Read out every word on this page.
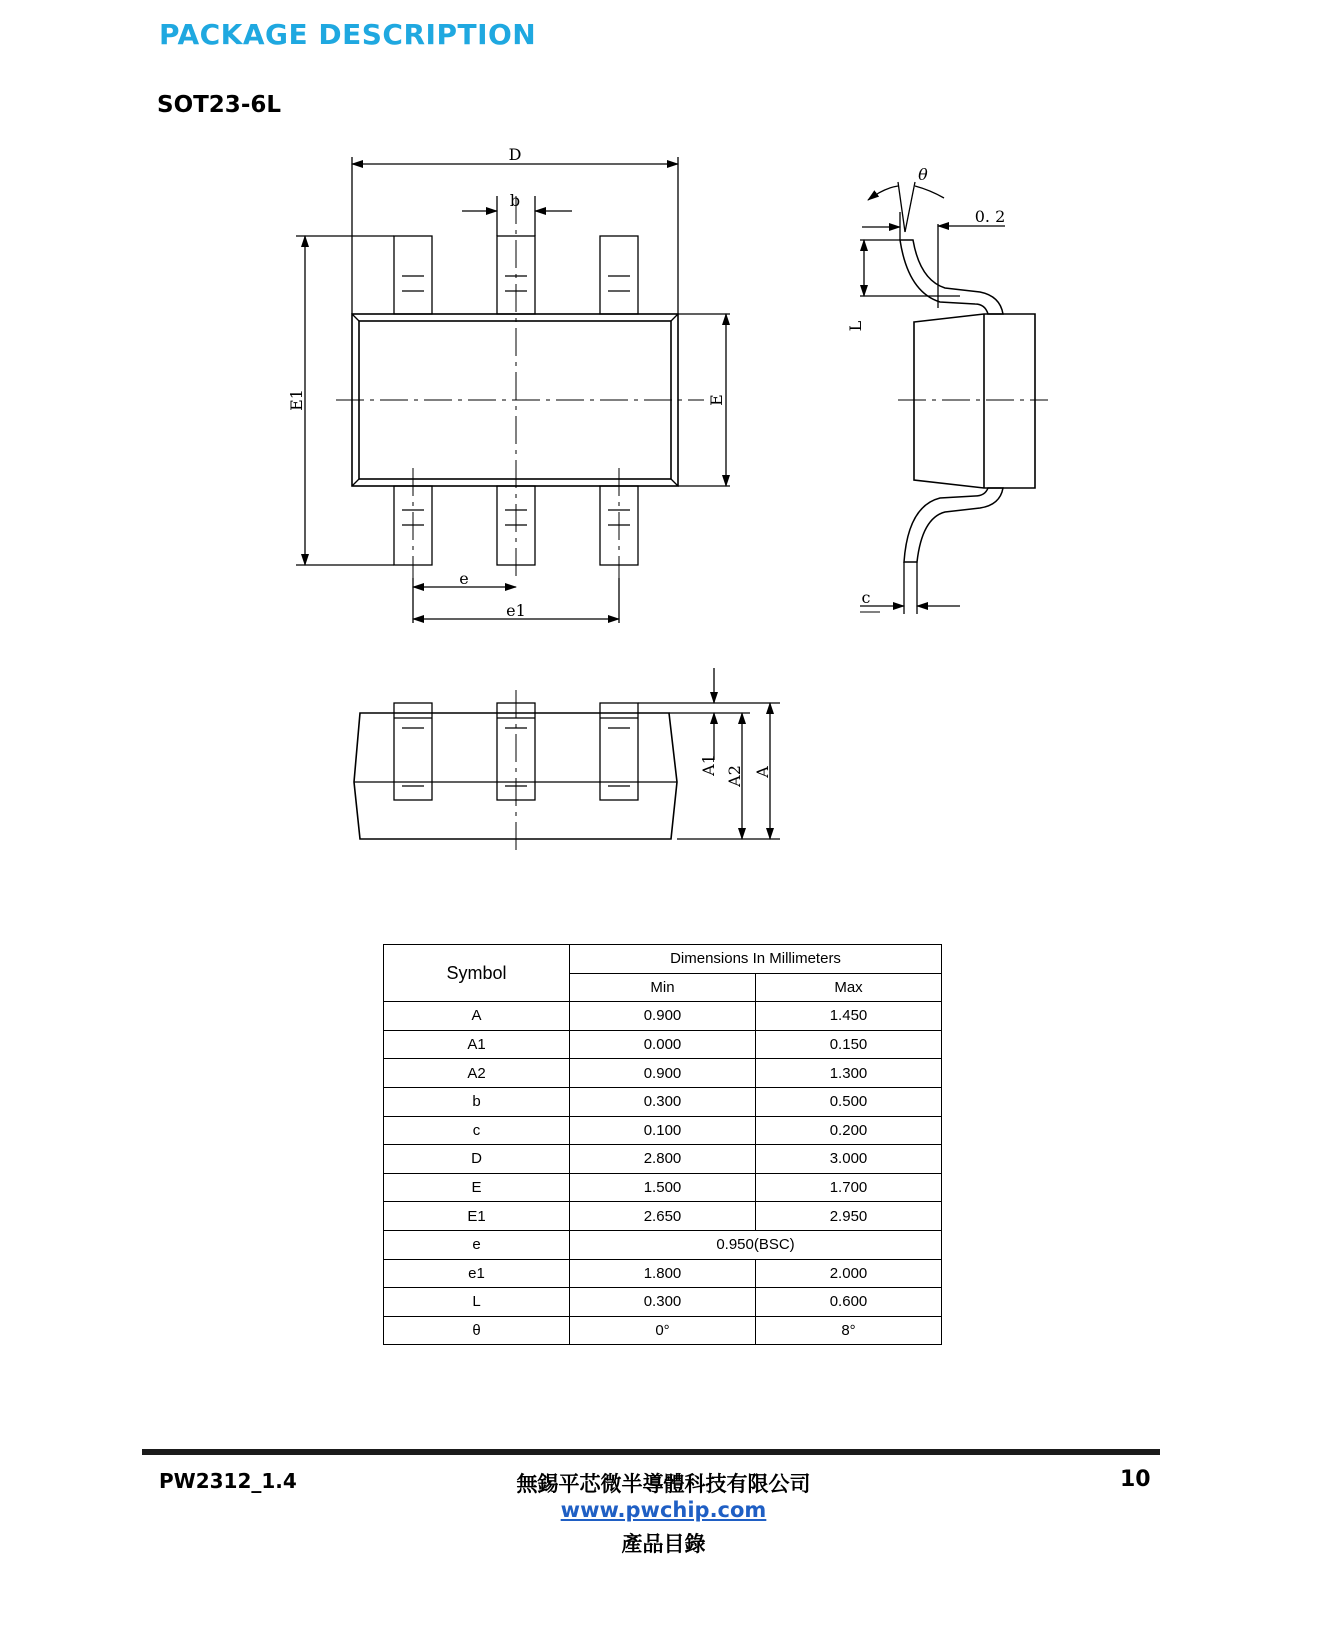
PACKAGE DESCRIPTION
SOT23-6L
D
b
E1	E
e
e1
θ
0. 2
L
c
A1
A2 A
Symbol	Dimensions In Millimeters	
	Min	Max
A	0.900	1.450
A1	0.000	0.150
A2	0.900	1.300
b	0.300	0.500
c	0.100	0.200
D	2.800	3.000
E	1.500	1.700
E1	2.650	2.950
e	0.950(BSC)	
e1	1.800	2.000
L	0.300	0.600
θ	0°	8°
PW2312_1.4	無錫平芯微半導體科技有限公司
www.pwchip.com
產品目錄
10
